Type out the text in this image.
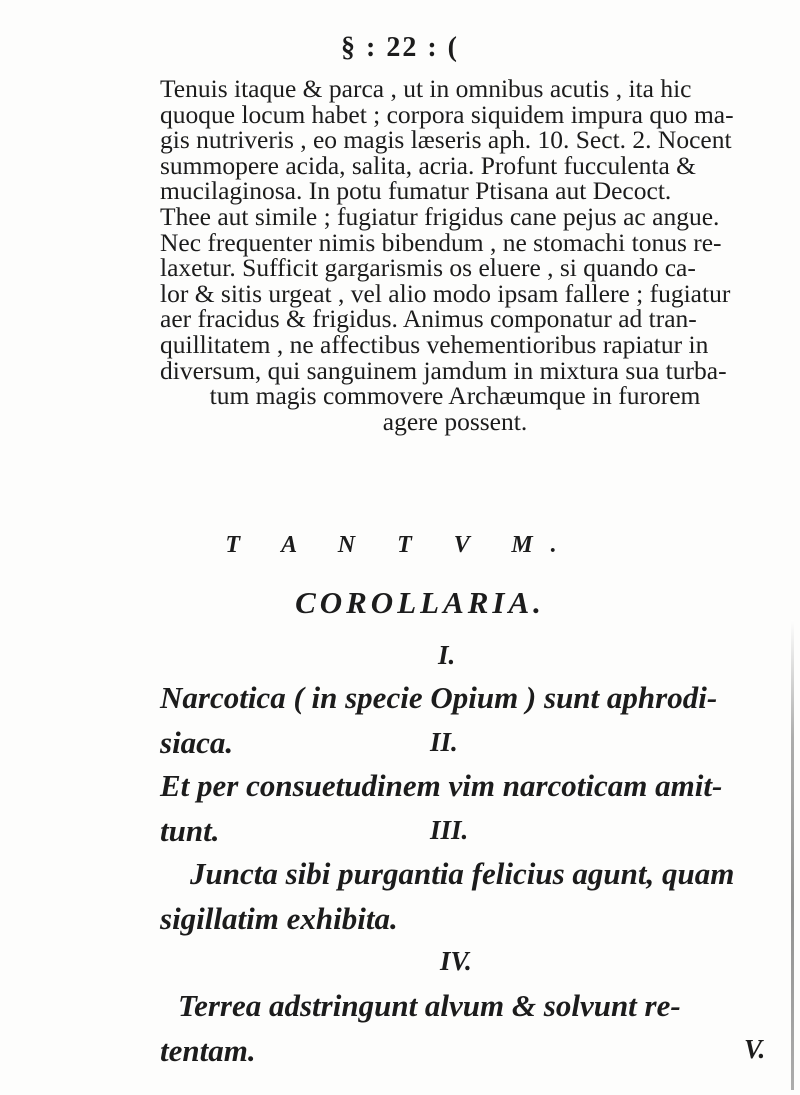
§ : 22 : (
Tenuis itaque & parca , ut in omnibus acutis , ita hic
quoque locum habet ; corpora siquidem impura quo ma-
gis nutriveris , eo magis læseris aph. 10. Sect. 2. Nocent
summopere acida, salita, acria. Profunt fucculenta &
mucilaginosa. In potu fumatur Ptisana aut Decoct.
Thee aut simile ; fugiatur frigidus cane pejus ac angue.
Nec frequenter nimis bibendum , ne stomachi tonus re-
laxetur. Sufficit gargarismis os eluere , si quando ca-
lor & sitis urgeat , vel alio modo ipsam fallere ; fugiatur
aer fracidus & frigidus. Animus componatur ad tran-
quillitatem , ne affectibus vehementioribus rapiatur in
diversum, qui sanguinem jamdum in mixtura sua turba-
tum magis commovere Archæumque in furorem
agere possent.
T A N T V M.
COROLLARIA.
I.
Narcotica ( in specie Opium ) sunt aphrodi-
siaca.	II.
Et per consuetudinem vim narcoticam amit-
tunt.	III.
Juncta sibi purgantia felicius agunt, quam
sigillatim exhibita.
IV.
Terrea adstringunt alvum & solvunt re-
tentam.	V.
